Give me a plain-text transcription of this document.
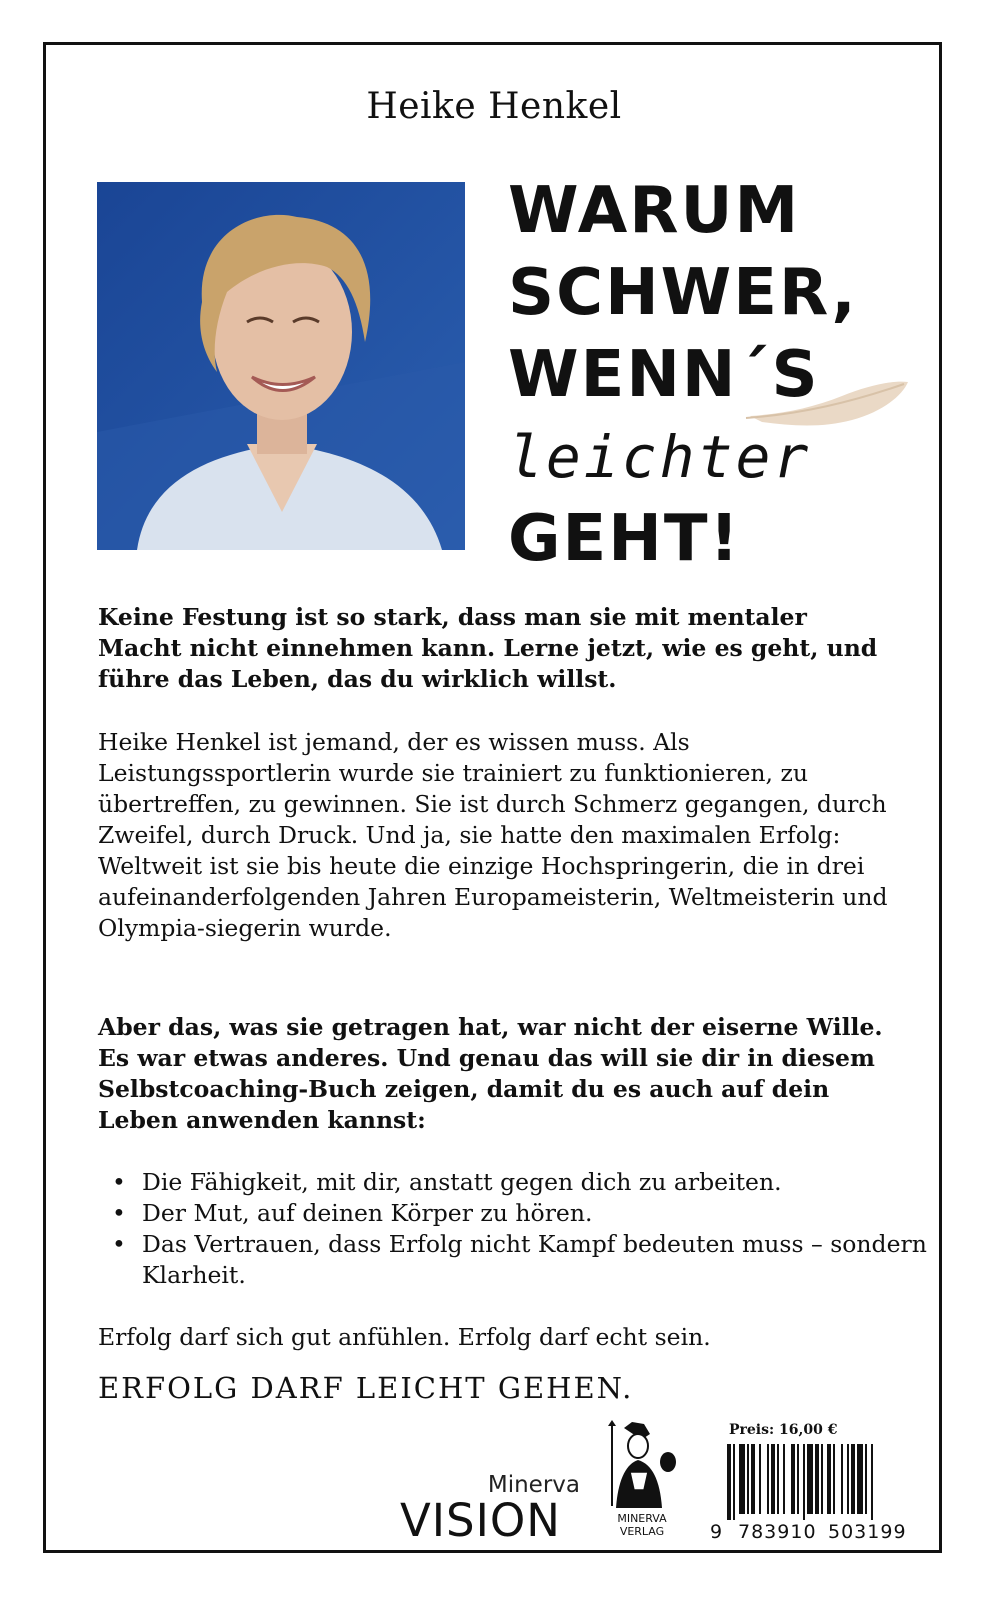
Heike Henkel
WARUM
SCHWER,
WENN´S
leichter
GEHT!
Keine Festung ist so stark, dass man sie mit mentaler Macht nicht einnehmen kann. Lerne jetzt, wie es geht, und führe das Leben, das du wirklich willst.
Heike Henkel ist jemand, der es wissen muss. Als Leistungssportlerin wurde sie trainiert zu funktionieren, zu übertreffen, zu gewinnen. Sie ist durch Schmerz gegangen, durch Zweifel, durch Druck. Und ja, sie hatte den maximalen Erfolg: Weltweit ist sie bis heute die einzige Hochspringerin, die in drei aufeinanderfolgenden Jahren Europameisterin, Weltmeisterin und Olympia-siegerin wurde.
Aber das, was sie getragen hat, war nicht der eiserne Wille. Es war etwas anderes. Und genau das will sie dir in diesem Selbstcoaching-Buch zeigen, damit du es auch auf dein Leben anwenden kannst:
• Die Fähigkeit, mit dir, anstatt gegen dich zu arbeiten.
• Der Mut, auf deinen Körper zu hören.
• Das Vertrauen, dass Erfolg nicht Kampf bedeuten muss – sondern Klarheit.
Erfolg darf sich gut anfühlen. Erfolg darf echt sein.
ERFOLG DARF LEICHT GEHEN.
Minerva
VISION	MINERVA
VERLAG
Preis: 16,00 €
9 783910 503199
